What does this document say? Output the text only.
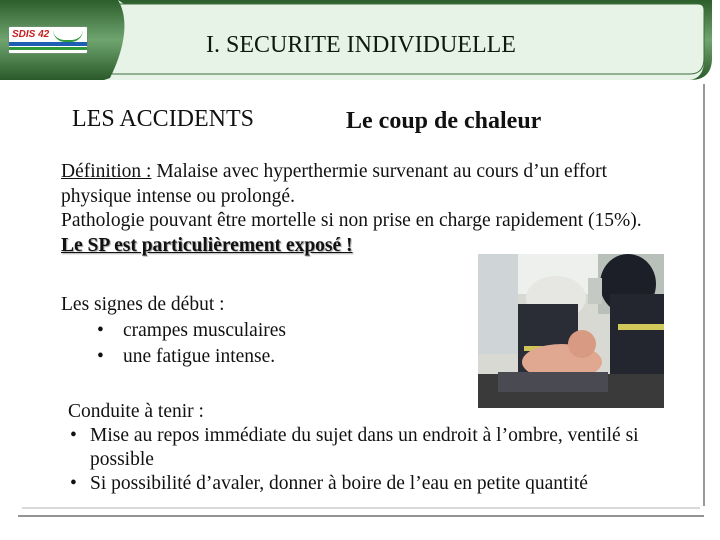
SDIS 42	I. SECURITE INDIVIDUELLE
LES ACCIDENTS	Le coup de chaleur

Définition : Malaise avec hyperthermie survenant au cours d’un effort physique intense ou prolongé.

Pathologie pouvant être mortelle si non prise en charge rapidement (15%). Le SP est particulièrement exposé !

Les signes de début :
• crampes musculaires
• une fatigue intense.
Conduite à tenir :
• Mise au repos immédiate du sujet dans un endroit à l’ombre, ventilé si possible
• Si possibilité d’avaler, donner à boire de l’eau en petite quantité
